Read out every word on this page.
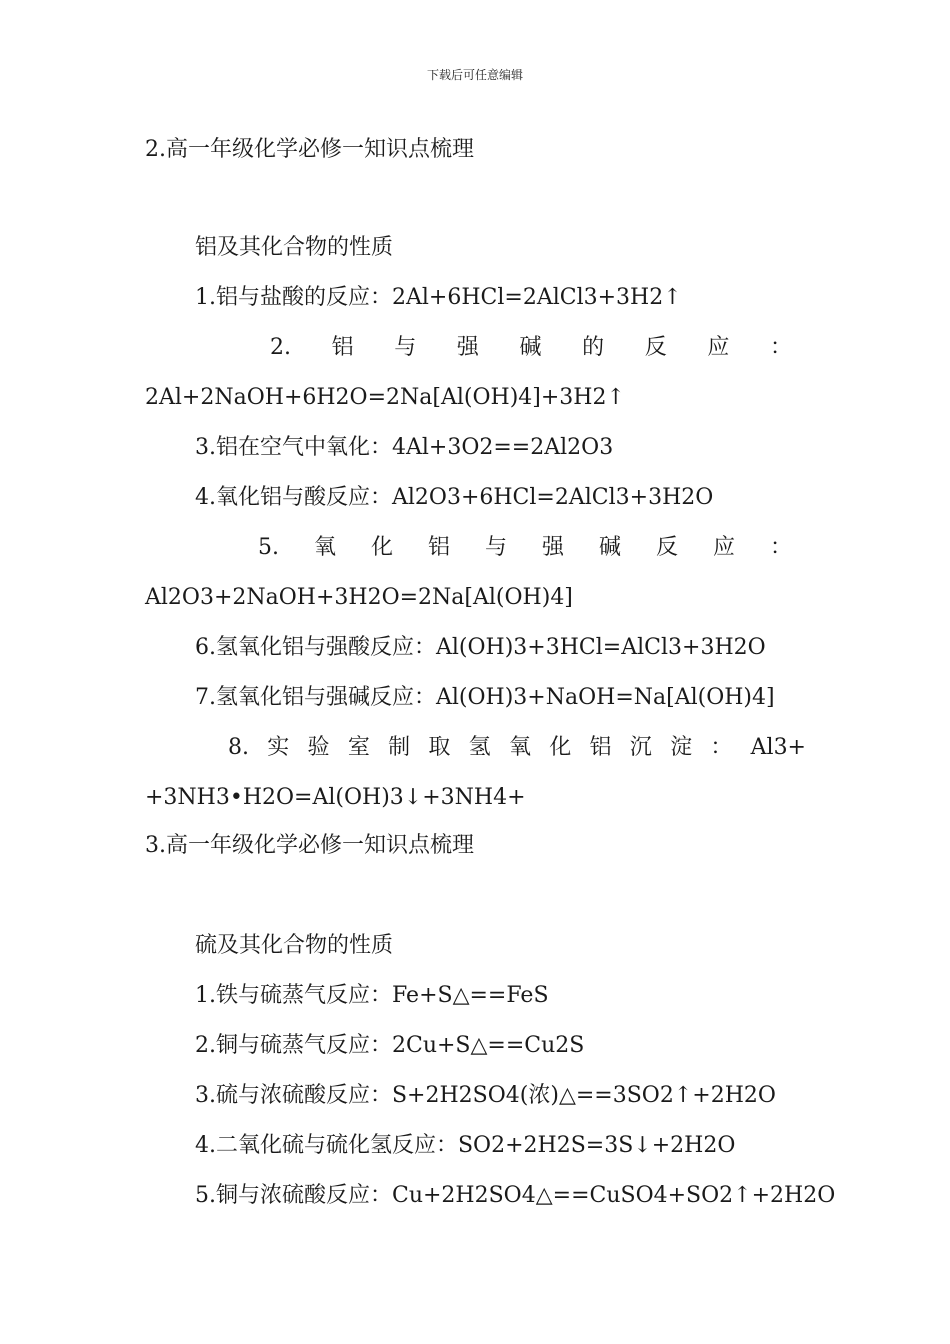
下载后可任意编辑
2.高一年级化学必修一知识点梳理
铝及其化合物的性质
1.铝与盐酸的反应：2Al+6HCl=2AlCl3+3H2↑
2. 铝 与 强 碱 的 反 应 ：
2Al+2NaOH+6H2O=2Na[Al(OH)4]+3H2↑
3.铝在空气中氧化：4Al+3O2==2Al2O3
4.氧化铝与酸反应：Al2O3+6HCl=2AlCl3+3H2O
5. 氧 化 铝 与 强 碱 反 应 ：
Al2O3+2NaOH+3H2O=2Na[Al(OH)4]
6.氢氧化铝与强酸反应：Al(OH)3+3HCl=AlCl3+3H2O
7.氢氧化铝与强碱反应：Al(OH)3+NaOH=Na[Al(OH)4]
8. 实 验 室 制 取 氢 氧 化 铝 沉 淀 ： Al3+
+3NH3•H2O=Al(OH)3↓+3NH4+
3.高一年级化学必修一知识点梳理
硫及其化合物的性质
1.铁与硫蒸气反应：Fe+S△==FeS
2.铜与硫蒸气反应：2Cu+S△==Cu2S
3.硫与浓硫酸反应：S+2H2SO4(浓)△==3SO2↑+2H2O
4.二氧化硫与硫化氢反应：SO2+2H2S=3S↓+2H2O
5.铜与浓硫酸反应：Cu+2H2SO4△==CuSO4+SO2↑+2H2O
